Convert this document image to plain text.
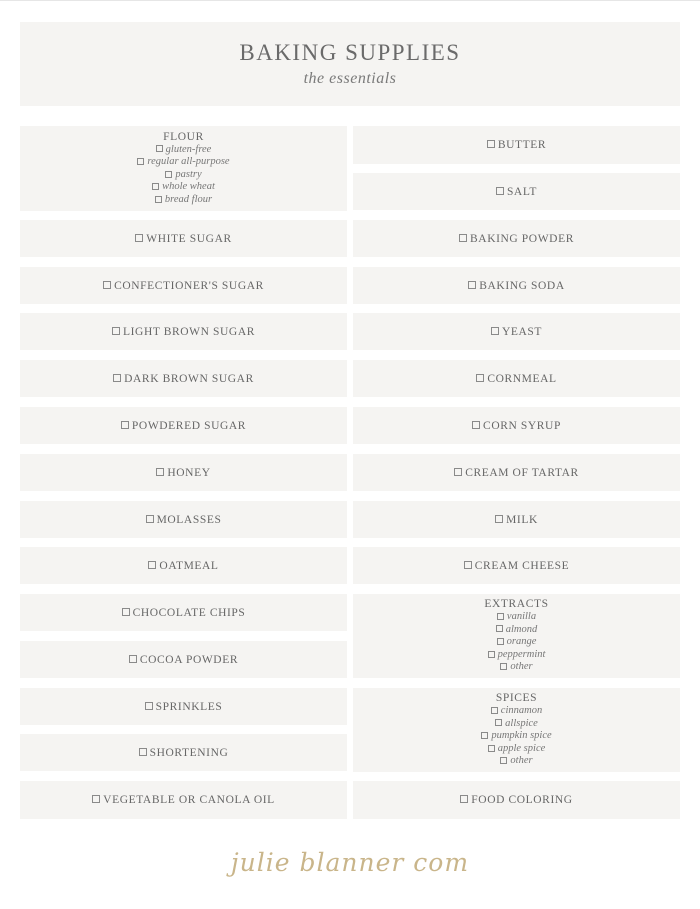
BAKING SUPPLIES
the essentials
FLOUR
gluten-free
regular all-purpose
pastry
whole wheat
bread flour
WHITE SUGAR
CONFECTIONER'S SUGAR
LIGHT BROWN SUGAR
DARK BROWN SUGAR
POWDERED SUGAR
HONEY
MOLASSES
OATMEAL
CHOCOLATE CHIPS
COCOA POWDER
SPRINKLES
SHORTENING
VEGETABLE OR CANOLA OIL
BUTTER
SALT
BAKING POWDER
BAKING SODA
YEAST
CORNMEAL
CORN SYRUP
CREAM OF TARTAR
MILK
CREAM CHEESE
EXTRACTS
vanilla
almond
orange
peppermint
other
SPICES
cinnamon
allspice
pumpkin spice
apple spice
other
FOOD COLORING
julie blanner com
